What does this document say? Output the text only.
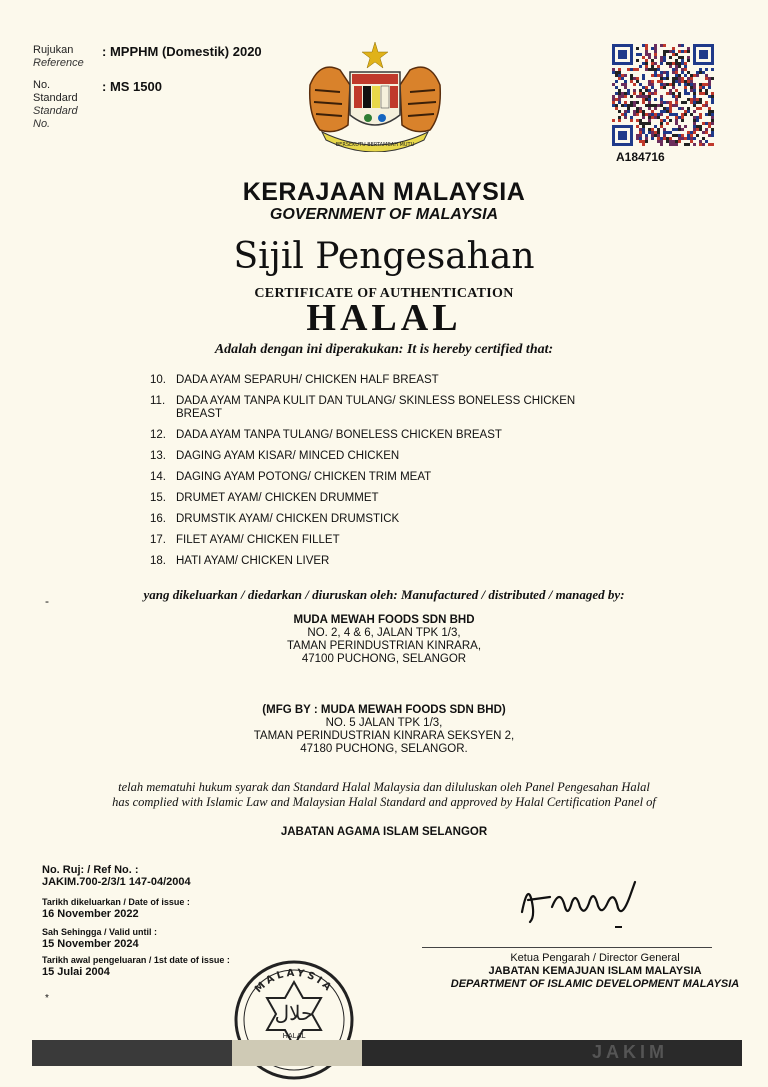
Rujukan
Reference
: MPPHM (Domestik) 2020
No. Standard
Standard No.
: MS 1500
BERSEKUTU BERTAMBAH MUTU
A184716
KERAJAAN MALAYSIA
GOVERNMENT OF MALAYSIA
Sijil Pengesahan
CERTIFICATE OF AUTHENTICATION
HALAL
Adalah dengan ini diperakukan: It is hereby certified that:
10. DADA AYAM SEPARUH/ CHICKEN HALF BREAST
11. DADA AYAM TANPA KULIT DAN TULANG/ SKINLESS BONELESS CHICKEN BREAST
12. DADA AYAM TANPA TULANG/ BONELESS CHICKEN BREAST
13. DAGING AYAM KISAR/ MINCED CHICKEN
14. DAGING AYAM POTONG/ CHICKEN TRIM MEAT
15. DRUMET AYAM/ CHICKEN DRUMMET
16. DRUMSTIK AYAM/ CHICKEN DRUMSTICK
17. FILET AYAM/ CHICKEN FILLET
18. HATI AYAM/ CHICKEN LIVER
-	yang dikeluarkan / diedarkan / diuruskan oleh: Manufactured / distributed / managed by:
MUDA MEWAH FOODS SDN BHD
NO. 2, 4 & 6, JALAN TPK 1/3,
TAMAN PERINDUSTRIAN KINRARA,
47100 PUCHONG, SELANGOR
(MFG BY : MUDA MEWAH FOODS SDN BHD)
NO. 5 JALAN TPK 1/3,
TAMAN PERINDUSTRIAN KINRARA SEKSYEN 2,
47180 PUCHONG, SELANGOR.
telah mematuhi hukum syarak dan Standard Halal Malaysia dan diluluskan oleh Panel Pengesahan Halal
has complied with Islamic Law and Malaysian Halal Standard and approved by Halal Certification Panel of
JABATAN AGAMA ISLAM SELANGOR
No. Ruj: / Ref No. :
JAKIM.700-2/3/1 147-04/2004
Tarikh dikeluarkan / Date of issue :
16 November 2022
Sah Sehingga / Valid until :
15 November 2024
Tarikh awal pengeluaran / 1st date of issue :
15 Julai 2004
Ketua Pengarah / Director General
JABATAN KEMAJUAN ISLAM MALAYSIA
DEPARTMENT OF ISLAMIC DEVELOPMENT MALAYSIA
MALAYSIA
حلال
HALAL
*
JAKIM
